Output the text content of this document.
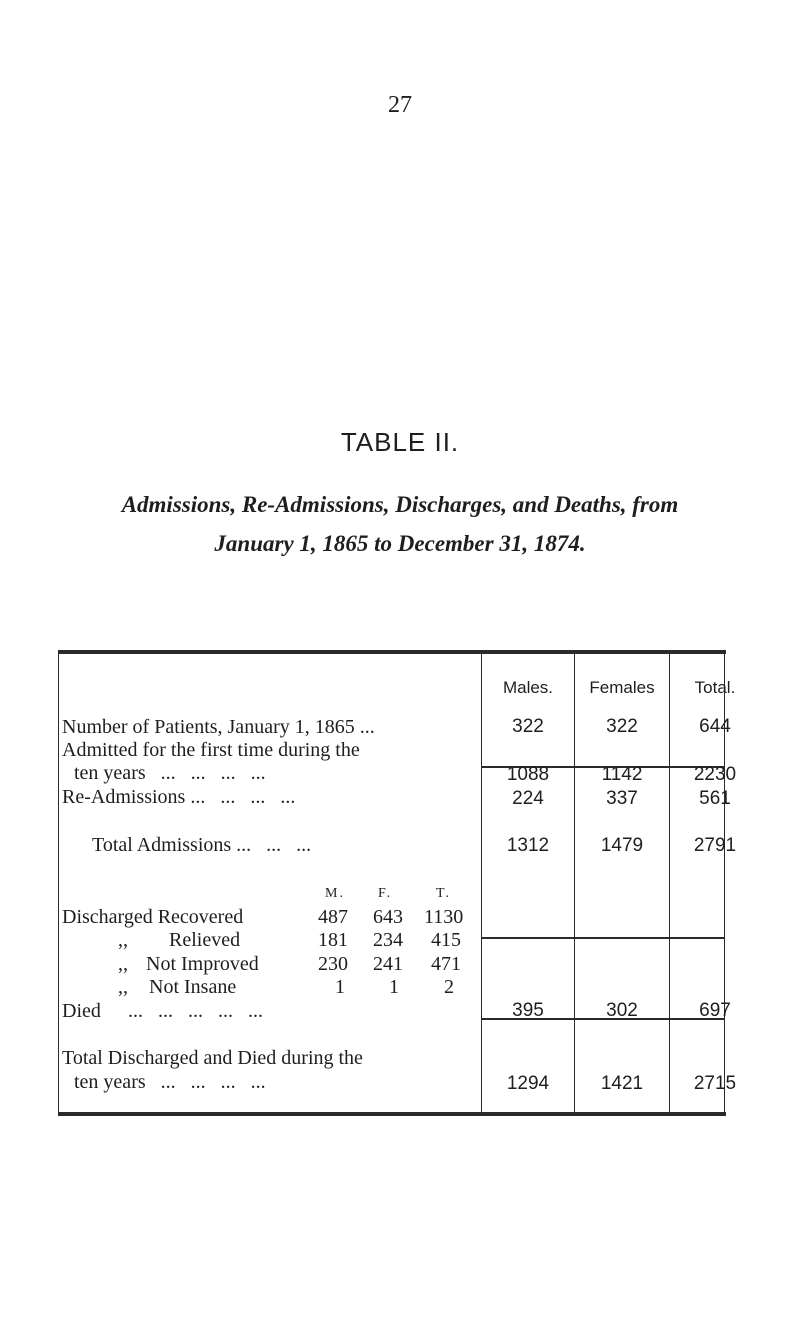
27
TABLE II.
Admissions, Re-Admissions, Discharges, and Deaths, from
January 1, 1865 to December 31, 1874.
Males.	Females	Total.
Number of Patients, January 1, 1865 ...	322	322	644
Admitted for the first time during the
ten years   ...   ...   ...   ...	1088	1142	2230
Re-Admissions ...   ...   ...   ...	224	337	561
Total Admissions ...   ...   ...	1312	1479	2791
M. F.	T.
Discharged Recovered	487 643 1130
,, Relieved	181 234 415
,, Not Improved	230 241 471
,, Not Insane	1 1 2
Died ...   ...   ...   ...   ...	395	302	697
Total Discharged and Died during the
ten years   ...   ...   ...   ...	1294	1421	2715
